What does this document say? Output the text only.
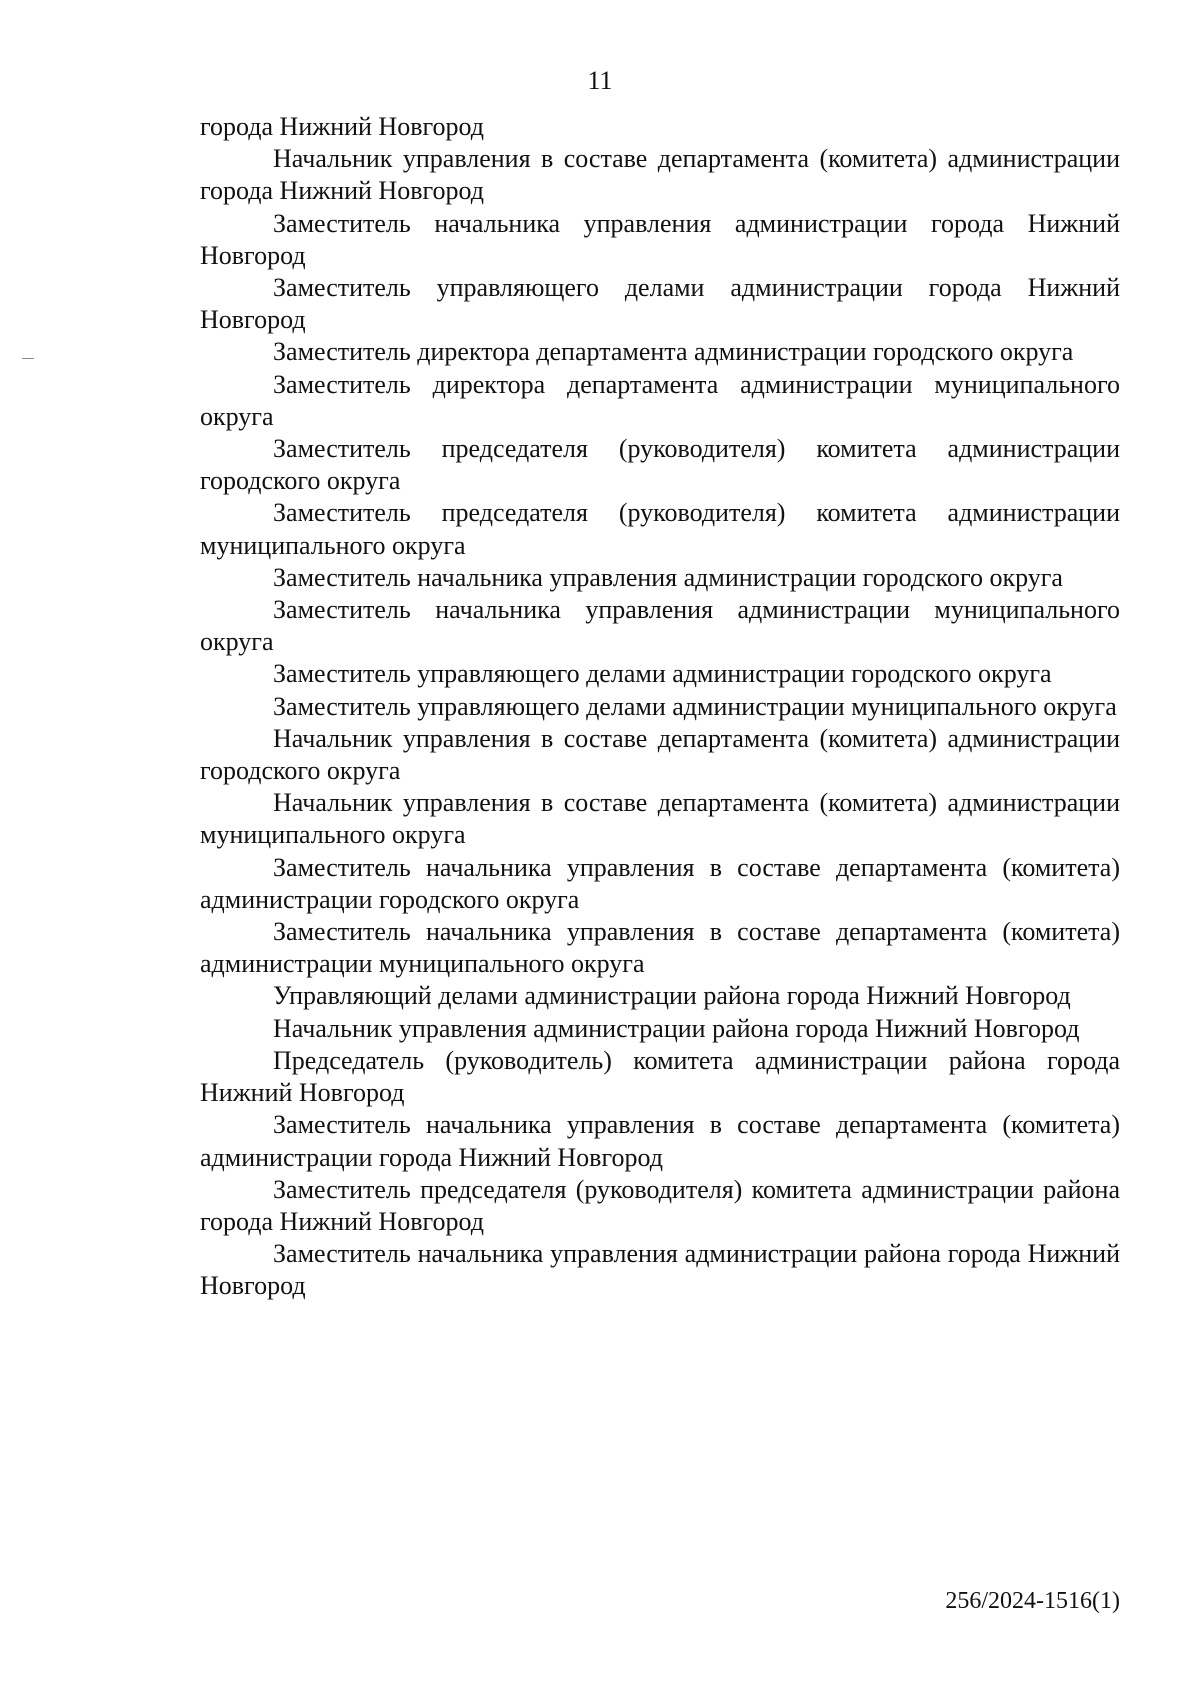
11

города Нижний Новгород

Начальник управления в составе департамента (комитета) администрации города Нижний Новгород

Заместитель начальника управления администрации города Нижний Новгород

Заместитель управляющего делами администрации города Нижний Новгород

Заместитель директора департамента администрации городского округа

Заместитель директора департамента администрации муниципального округа

Заместитель председателя (руководителя) комитета администрации городского округа

Заместитель председателя (руководителя) комитета администрации муниципального округа

Заместитель начальника управления администрации городского округа

Заместитель начальника управления администрации муниципального округа

Заместитель управляющего делами администрации городского округа

Заместитель управляющего делами администрации муниципального округа

Начальник управления в составе департамента (комитета) администрации городского округа

Начальник управления в составе департамента (комитета) администрации муниципального округа

Заместитель начальника управления в составе департамента (комитета) администрации городского округа

Заместитель начальника управления в составе департамента (комитета) администрации муниципального округа

Управляющий делами администрации района города Нижний Новгород

Начальник управления администрации района города Нижний Новгород

Председатель (руководитель) комитета администрации района города Нижний Новгород

Заместитель начальника управления в составе департамента (комитета) администрации города Нижний Новгород

Заместитель председателя (руководителя) комитета администрации района города Нижний Новгород

Заместитель начальника управления администрации района города Нижний Новгород

256/2024-1516(1)
